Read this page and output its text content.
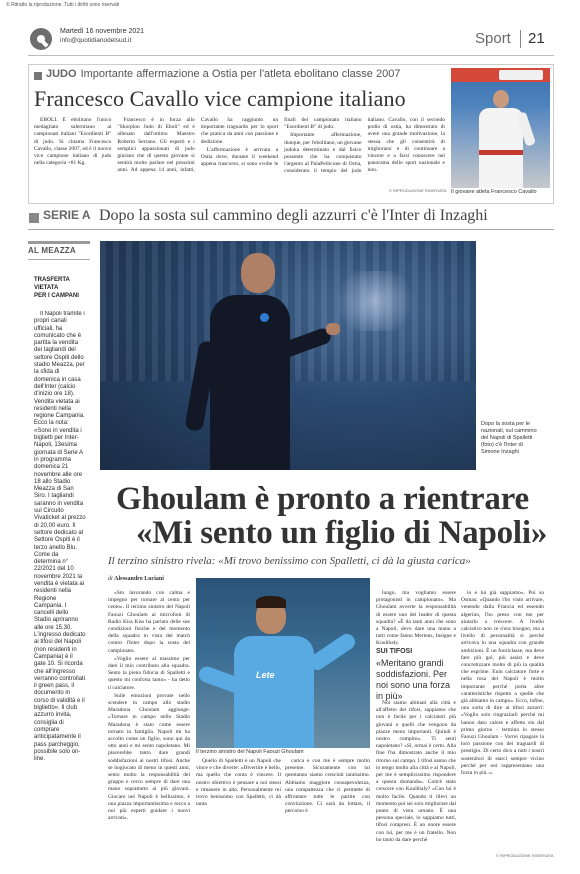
© Ritratto la riproduzione. Tutti i diritti sono riservati
Martedì 16 novembre 2021
info@quotidianodelsud.it	Sport 21
JUDO Importante affermazione a Ostia per l'atleta ebolitano classe 2007
Francesco Cavallo vice campione italiano

EBOLI. È ebolitano l'unico medagliato salernitano ai campionati italiani "Esordienti B" di judo. Si chiama Francesco Cavallo, classe 2007, ed è il nuovo vice campione italiano di judo nella categoria +81 Kg.

Francesco è in forza allo "Skorpion Judo di Eboli" ed è allenato dall'ottimo Maestro Roberto Serrano. Gli esperti e i semplici appassionati di judo giurano che di questo giovane si sentirà molto parlare nei prossimi anni. Ad appena 14 anni, infatti, Cavallo ha raggiunto un importante traguardo per lo sport che pratica da anni con passione e dedizione.

L'affermazione è arrivata a Ostia dove, durante il weekend appena trascorso, si sono svolte le finali del campionato italiano "Esordienti B" di judo.

Importante affermazione, dunque, per l'ebolitano, un giovane judoka determinato e dal fisico possente che ha conquistato l'argento al PalaPellicone di Ostia, considerato il tempio del judo italiano. Cavallo, con il secondo podio di ostia, ha dimostrato di avere una grande motivazione, la stessa che gli consentirà di migliorarsi e di continuare a vincere e a farsi conoscere nel panorama dello sport nazionale e non.

© RIPRODUZIONE RISERVATA Il giovane atleta Francesco Cavallo
SERIE A Dopo la sosta sul cammino degli azzurri c'è l'Inter di Inzaghi
AL MEAZZA
TRASFERTA
VIETATA
PER I CAMPANI

Il Napoli tramite i propri canali ufficiali, ha comunicato che è partita la vendita dei tagliandi del settore Ospiti dello stadio Meazza, per la sfida di domenica in casa dell'Inter (calcio d'inizio ore 18). Vendita vietata ai residenti nella regione Campania. Ecco la nota: «Sono in vendita i biglietti per Inter-Napoli, 13esima giornata di Serie A in programma domenica 21 novembre alle ore 18 allo Stadio Meazza di San Siro. I tagliandi saranno in vendita sul Circuito Vivaticket al prezzo di 20,00 euro. Il settore dedicato al Settore Ospiti è il terzo anello Blu. Come da determina n° 22/2021 del 10 novembre 2021 la vendita è vietata ai residenti nella Regione Campania. I cancelli dello Stadio apriranno alle ore 15.30. L'ingresso dedicato ai tifosi del Napoli (non residenti in Campania) è il gate 10. Si ricorda che all'ingresso verranno controllati il green pass, il documento in corso di validità e il biglietto». Il club azzurro invita, consiglia di comprare anticipatamente il pass parcheggio, possibile solo on-line.

Dopo la sosta per le nazionali, sul cammino del Napoli di Spalletti (foto) c'è l'Inter di Simone Inzaghi
Ghoulam è pronto a rientrare
«Mi sento un figlio di Napoli»
Il terzino sinistro rivela: «Mi trovo benissimo con Spalletti, ci dà la giusta carica»
di Alessandro Luciani

«Sto lavorando con calma e impegno per tornare al cento per cento». Il terzino sinistro del Napoli Faouzi Ghoulam ai microfoni di Radio Kiss Kiss ha parlato delle sue condizioni fisiche e del momento della squadra in vista del match contro l'Inter dopo la sosta del campionato.

«Voglio essere al massimo per dare il mio contributo alla squadra. Sento la piena fiducia di Spalletti e questo mi conforta tanto» - ha detto il calciatore.

Sulle emozioni provate nello scendere in campo allo stadio Maradona Ghoulam aggiunge: «Tornare in campo nello Stadio Maradona è stato come essere tornato in famiglia. Napoli mi ha accolto come un figlio, sono qui da otto anni e mi sento napoletano. Mi piacerebbe tanto dare grandi soddisfazioni ai nostri tifosi. Anche se hogiocato di meno in questi anni, sento molto la responsabilità del gruppo e cerco sempre di dare una mano soprattutto ai più giovani. Giocare nel Napoli è bellissimo, è una piazza importantissima e tocca a noi più esperti guidare i nuovi arrivati».

Lete
Il terzino sinistro del Napoli Faouzi Ghoulam

Quello di Spalletti è un Napoli che vince e che diverte: «Divertire è bello, ma quello che conta è vincere. Il nostro obiettivo è pensare a noi stessi e rimanere in alto. Personalmente mi trovo benissimo con Spalletti, ci dà tanta

carica e con me è sempre molto presente. Sicuramente con lui questanno siamo cresciuti tantissimo. Abbiamo maggiore consapevolezza, una compattezza che ci permette di affrontare tutte le partite con convinzione. Ci sarà da lottare, il percorso è

lungo, ma vogliamo essere protagonisti in campionato». Ma Ghoulam avverte la responsabilità di essere uno dei leader di questa squadra? «È da tanti anni che sono a Napoli, devo dare una mano a tutti come fanno Mertens, Insigne e Koulibaly.

SUI TIFOSI
«Meritano grandi soddisfazioni. Per noi sono una forza in più»

Noi siamo abituati alla città e all'affetto dei tifosi, sappiamo che non è facile per i calciatori più giovani e quelli che vengono da piazze meno importanti. Quindi è nostro compito». Ti senti napoletano? «Sì, ormai è certo. Alla fine l'ha dimostrato anche il mio ritorno sul campo. I tifosi sanno che io tengo molto alla città e al Napoli, per me è semplicissimo rispondere a questa domanda». Com'è stato crescere con Koulibaly? «Con lui è molto facile. Quando ti rilevi un momento poi sei solo migliorare dal punto di vista umano. È una persona speciale, lo sappiamo tutti, tifosi compresi. È un onore essere con lui, per me è un fratello. Non ho tanto da dare perché

io e lui già sappiamo». Poi su Osmas: «Quando l'ho visto arrivare, venendo dalla Francia ed essendo algerino, l'ho preso con me per aiutarlo a crescere. A livello calcistico non ce n'era bisogno, ma a livello di personalità si perché arrivava in una squadra con grande ambizioni. È un fuoriclasse, ma deve fare più gol, più assist e deve concretizzare molto di più la qualità che esprime. Euin calciatore forte e nella rosa del Napoli è molto importante perché porta altre caratteristiche rispetto a quelle che già abbiamo in campo». Ecco, infine, una sorta di dire ai tifosi azzurri: «Voglio solo ringraziarli perché mi hanno dato calore e affetto sin dal primo giorno - termina lo stesso Faouzi Ghoulam - Vorrei ripagare la loro passione con dei traguardi di prestigio. Di certo dico a tutti i nostri sostenitori di starci sempre vicino perché per noi rappresentano una forza in più..».

© RIPRODUZIONE RISERVATA
